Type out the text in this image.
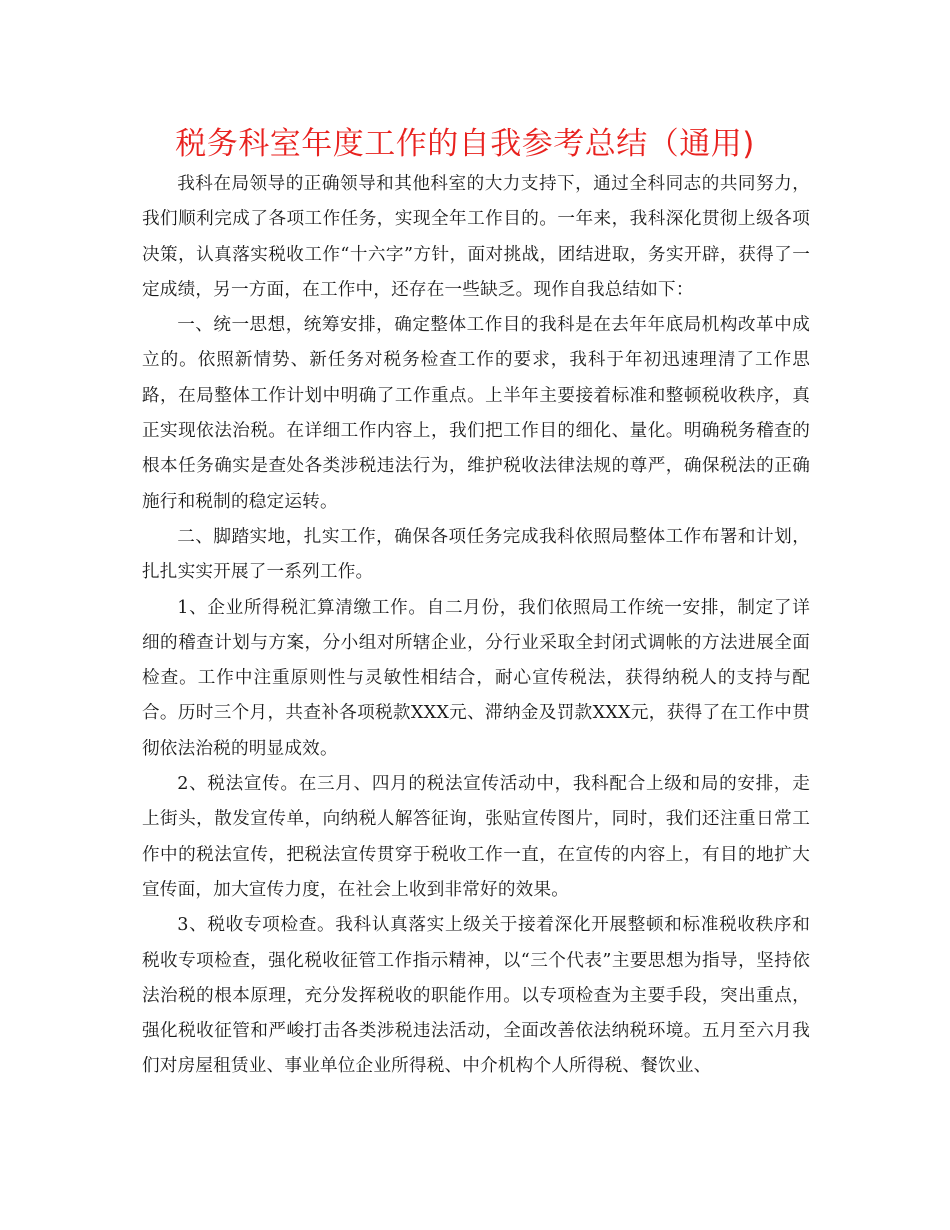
税务科室年度工作的自我参考总结（通用)

我科在局领导的正确领导和其他科室的大力支持下，通过全科同志的共同努力，我们顺利完成了各项工作任务，实现全年工作目的。一年来，我科深化贯彻上级各项决策，认真落实税收工作“十六字”方针，面对挑战，团结进取，务实开辟，获得了一定成绩，另一方面，在工作中，还存在一些缺乏。现作自我总结如下：

一、统一思想，统筹安排，确定整体工作目的我科是在去年年底局机构改革中成立的。依照新情势、新任务对税务检查工作的要求，我科于年初迅速理清了工作思路，在局整体工作计划中明确了工作重点。上半年主要接着标准和整顿税收秩序，真正实现依法治税。在详细工作内容上，我们把工作目的细化、量化。明确税务稽查的根本任务确实是查处各类涉税违法行为，维护税收法律法规的尊严，确保税法的正确施行和税制的稳定运转。

二、脚踏实地，扎实工作，确保各项任务完成我科依照局整体工作布署和计划，扎扎实实开展了一系列工作。

1、企业所得税汇算清缴工作。自二月份，我们依照局工作统一安排，制定了详细的稽查计划与方案，分小组对所辖企业，分行业采取全封闭式调帐的方法进展全面检查。工作中注重原则性与灵敏性相结合，耐心宣传税法，获得纳税人的支持与配合。历时三个月，共查补各项税款XXX元、滞纳金及罚款XXX元，获得了在工作中贯彻依法治税的明显成效。

2、税法宣传。在三月、四月的税法宣传活动中，我科配合上级和局的安排，走上街头，散发宣传单，向纳税人解答征询，张贴宣传图片，同时，我们还注重日常工作中的税法宣传，把税法宣传贯穿于税收工作一直，在宣传的内容上，有目的地扩大宣传面，加大宣传力度，在社会上收到非常好的效果。

3、税收专项检查。我科认真落实上级关于接着深化开展整顿和标准税收秩序和税收专项检查，强化税收征管工作指示精神，以“三个代表”主要思想为指导，坚持依法治税的根本原理，充分发挥税收的职能作用。以专项检查为主要手段，突出重点，强化税收征管和严峻打击各类涉税违法活动，全面改善依法纳税环境。五月至六月我们对房屋租赁业、事业单位企业所得税、中介机构个人所得税、餐饮业、
